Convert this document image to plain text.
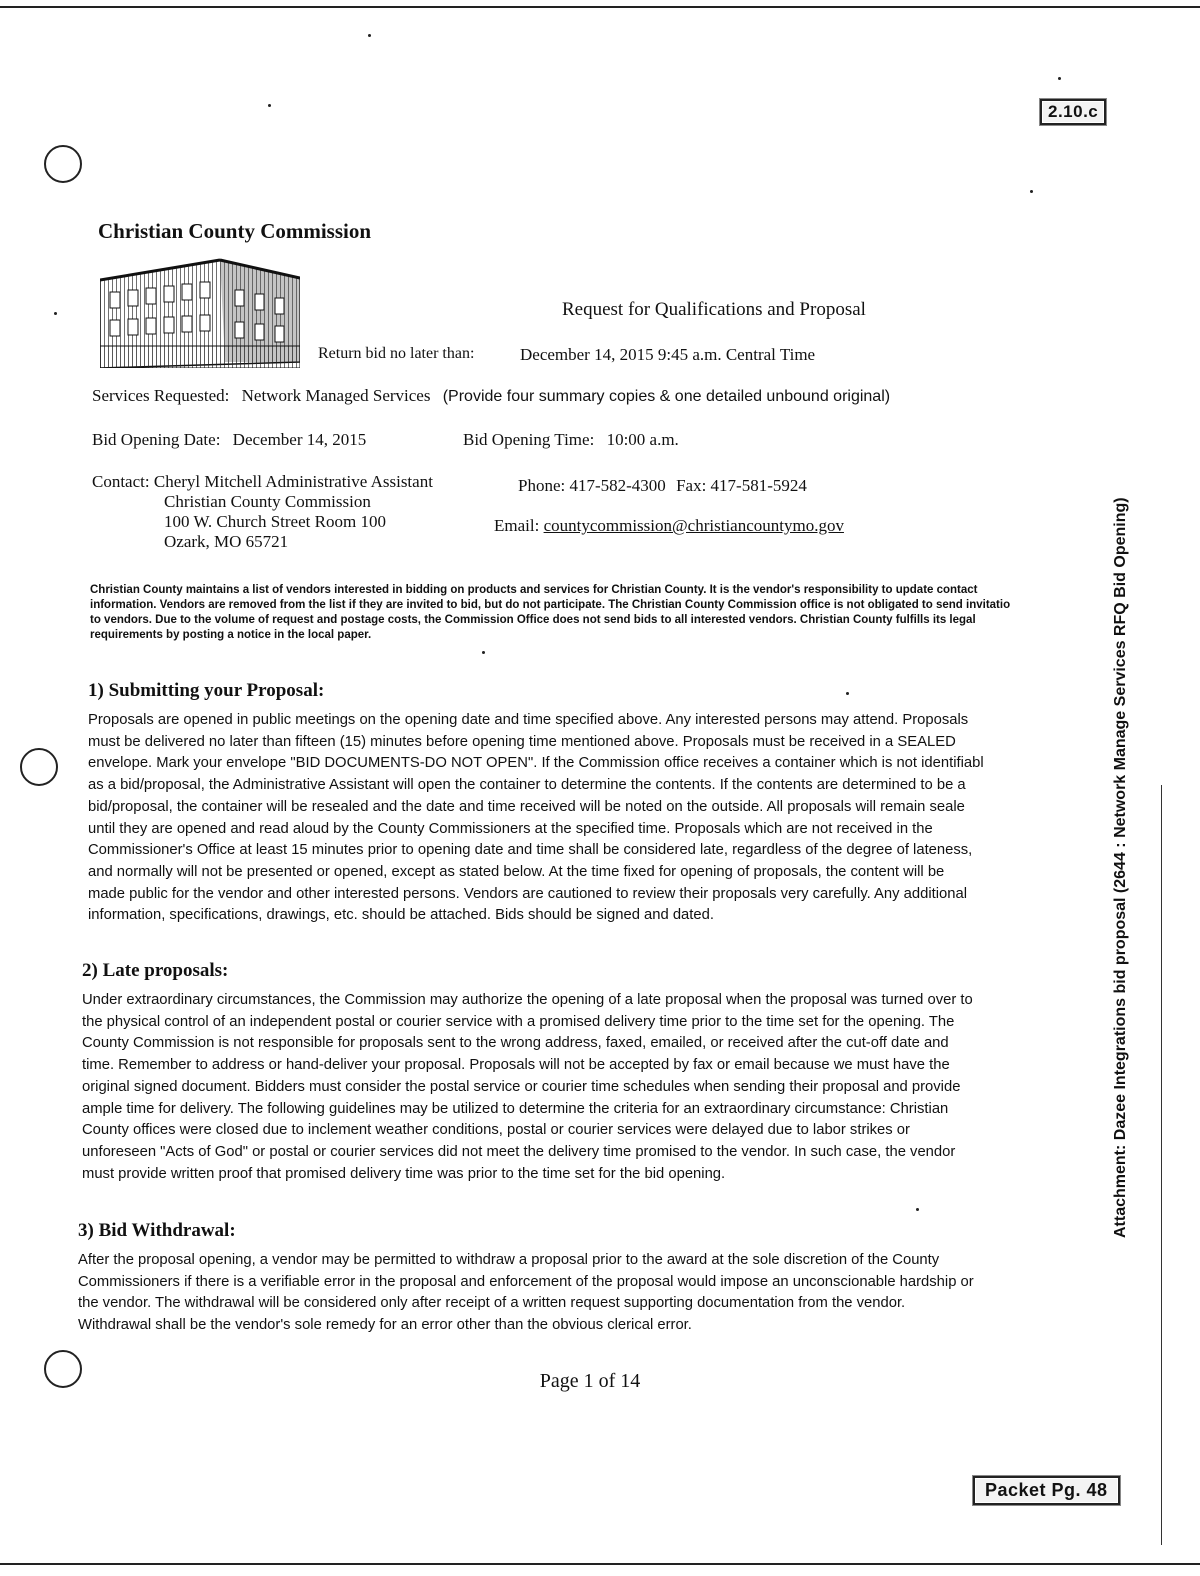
2.10.c
Packet Pg. 48
Christian County Commission
Request for Qualifications and Proposal
Return bid no later than:	December 14, 2015 9:45 a.m. Central Time
Services Requested: Network Managed Services (Provide four summary copies & one detailed unbound original)
Bid Opening Date: December 14, 2015	Bid Opening Time: 10:00 a.m.
Contact: Cheryl Mitchell Administrative Assistant
Christian County Commission
100 W. Church Street Room 100
Ozark, MO 65721
Phone: 417-582-4300 Fax: 417-581-5924
Email: countycommission@christiancountymo.gov
Christian County maintains a list of vendors interested in bidding on products and services for Christian County. It is the vendor's responsibility to update contact
information. Vendors are removed from the list if they are invited to bid, but do not participate. The Christian County Commission office is not obligated to send invitatio
to vendors. Due to the volume of request and postage costs, the Commission Office does not send bids to all interested vendors. Christian County fulfills its legal
requirements by posting a notice in the local paper.
1) Submitting your Proposal:
Proposals are opened in public meetings on the opening date and time specified above. Any interested persons may attend. Proposals
must be delivered no later than fifteen (15) minutes before opening time mentioned above. Proposals must be received in a SEALED
envelope. Mark your envelope "BID DOCUMENTS-DO NOT OPEN". If the Commission office receives a container which is not identifiabl
as a bid/proposal, the Administrative Assistant will open the container to determine the contents. If the contents are determined to be a
bid/proposal, the container will be resealed and the date and time received will be noted on the outside. All proposals will remain seale
until they are opened and read aloud by the County Commissioners at the specified time. Proposals which are not received in the
Commissioner's Office at least 15 minutes prior to opening date and time shall be considered late, regardless of the degree of lateness,
and normally will not be presented or opened, except as stated below. At the time fixed for opening of proposals, the content will be
made public for the vendor and other interested persons. Vendors are cautioned to review their proposals very carefully. Any additional
information, specifications, drawings, etc. should be attached. Bids should be signed and dated.
2) Late proposals:
Under extraordinary circumstances, the Commission may authorize the opening of a late proposal when the proposal was turned over to
the physical control of an independent postal or courier service with a promised delivery time prior to the time set for the opening. The
County Commission is not responsible for proposals sent to the wrong address, faxed, emailed, or received after the cut-off date and
time. Remember to address or hand-deliver your proposal. Proposals will not be accepted by fax or email because we must have the
original signed document. Bidders must consider the postal service or courier time schedules when sending their proposal and provide
ample time for delivery. The following guidelines may be utilized to determine the criteria for an extraordinary circumstance: Christian
County offices were closed due to inclement weather conditions, postal or courier services were delayed due to labor strikes or
unforeseen "Acts of God" or postal or courier services did not meet the delivery time promised to the vendor. In such case, the vendor
must provide written proof that promised delivery time was prior to the time set for the bid opening.
3) Bid Withdrawal:
After the proposal opening, a vendor may be permitted to withdraw a proposal prior to the award at the sole discretion of the County
Commissioners if there is a verifiable error in the proposal and enforcement of the proposal would impose an unconscionable hardship or
the vendor. The withdrawal will be considered only after receipt of a written request supporting documentation from the vendor.
Withdrawal shall be the vendor's sole remedy for an error other than the obvious clerical error.
Page 1 of 14
Attachment: Dazee Integrations bid proposal (2644 : Network Manage Services RFQ Bid Opening)
